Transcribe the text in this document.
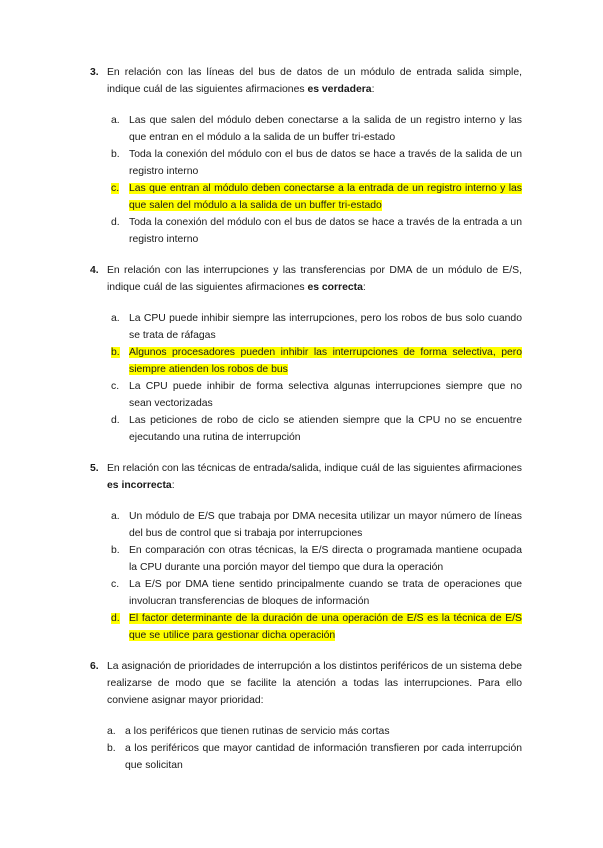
3. En relación con las líneas del bus de datos de un módulo de entrada salida simple, indique cuál de las siguientes afirmaciones es verdadera:
a. Las que salen del módulo deben conectarse a la salida de un registro interno y las que entran en el módulo a la salida de un buffer tri-estado
b. Toda la conexión del módulo con el bus de datos se hace a través de la salida de un registro interno
c. Las que entran al módulo deben conectarse a la entrada de un registro interno y las que salen del módulo a la salida de un buffer tri-estado
d. Toda la conexión del módulo con el bus de datos se hace a través de la entrada a un registro interno
4. En relación con las interrupciones y las transferencias por DMA de un módulo de E/S, indique cuál de las siguientes afirmaciones es correcta:
a. La CPU puede inhibir siempre las interrupciones, pero los robos de bus solo cuando se trata de ráfagas
b. Algunos procesadores pueden inhibir las interrupciones de forma selectiva, pero siempre atienden los robos de bus
c. La CPU puede inhibir de forma selectiva algunas interrupciones siempre que no sean vectorizadas
d. Las peticiones de robo de ciclo se atienden siempre que la CPU no se encuentre ejecutando una rutina de interrupción
5. En relación con las técnicas de entrada/salida, indique cuál de las siguientes afirmaciones es incorrecta:
a. Un módulo de E/S que trabaja por DMA necesita utilizar un mayor número de líneas del bus de control que si trabaja por interrupciones
b. En comparación con otras técnicas, la E/S directa o programada mantiene ocupada la CPU durante una porción mayor del tiempo que dura la operación
c. La E/S por DMA tiene sentido principalmente cuando se trata de operaciones que involucran transferencias de bloques de información
d. El factor determinante de la duración de una operación de E/S es la técnica de E/S que se utilice para gestionar dicha operación
6. La asignación de prioridades de interrupción a los distintos periféricos de un sistema debe realizarse de modo que se facilite la atención a todas las interrupciones. Para ello conviene asignar mayor prioridad:
a. a los periféricos que tienen rutinas de servicio más cortas
b. a los periféricos que mayor cantidad de información transfieren por cada interrupción que solicitan
